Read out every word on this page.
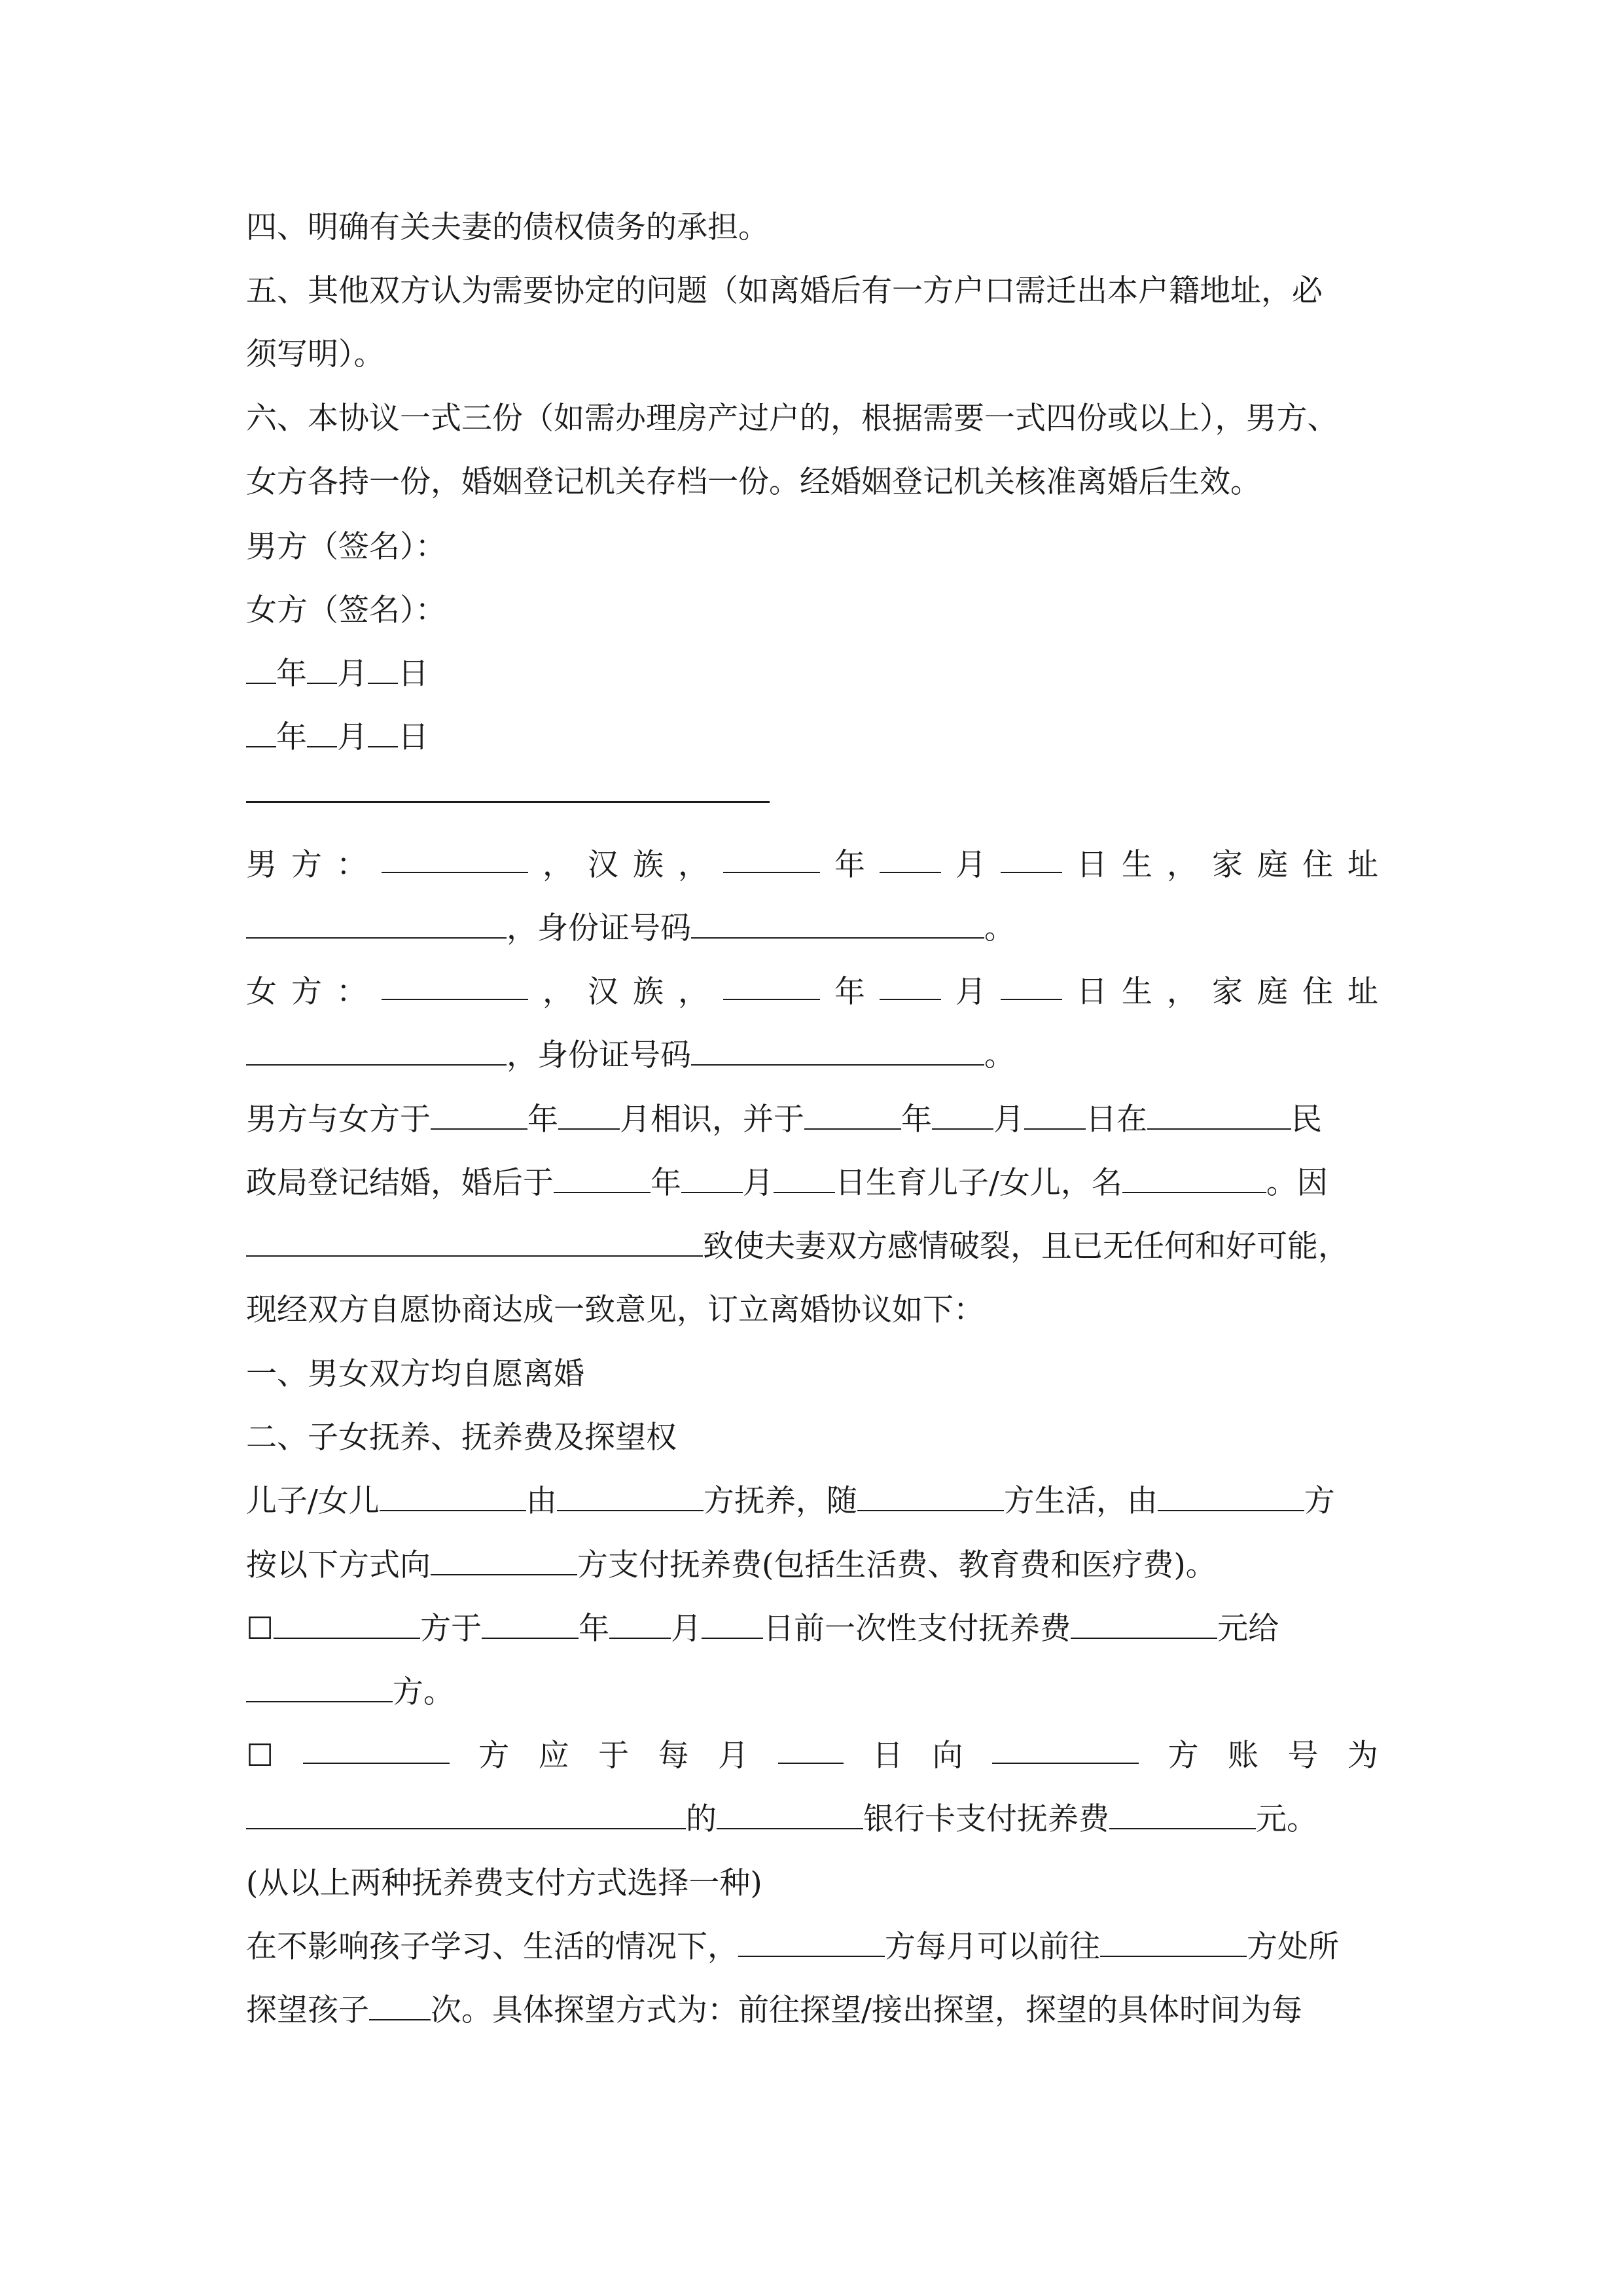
四、明确有关夫妻的债权债务的承担。
五、其他双方认为需要协定的问题（如离婚后有一方户口需迁出本户籍地址，必
须写明）。
六、本协议一式三份（如需办理房产过户的，根据需要一式四份或以上），男方、
女方各持一份，婚姻登记机关存档一份。经婚姻登记机关核准离婚后生效。
男方（签名）：
女方（签名）：
年 月 日
年 月 日
男 方 ：	， 汉 族 ，	年	月	日 生 ， 家 庭 住 址
，身份证号码	。
女 方 ：	， 汉 族 ，	年	月	日 生 ， 家 庭 住 址
，身份证号码	。
男方与女方于	年 月相识，并于	年 月 日在	民
政局登记结婚，婚后于	年 月 日生育儿子/女儿，名	。因
致使夫妻双方感情破裂，且已无任何和好可能，
现经双方自愿协商达成一致意见，订立离婚协议如下：
一、男女双方均自愿离婚
二、子女抚养、抚养费及探望权
儿子/女儿	由	方抚养，随	方生活，由	方
按以下方式向	方支付抚养费(包括生活费、教育费和医疗费)。
☐	方于	年 月 日前一次性支付抚养费	元给
方。
☐	方 应 于 每 月	日 向	方 账 号 为
的	银行卡支付抚养费	元。
(从以上两种抚养费支付方式选择一种)
在不影响孩子学习、生活的情况下，	方每月可以前往	方处所
探望孩子 次。具体探望方式为：前往探望/接出探望，探望的具体时间为每
